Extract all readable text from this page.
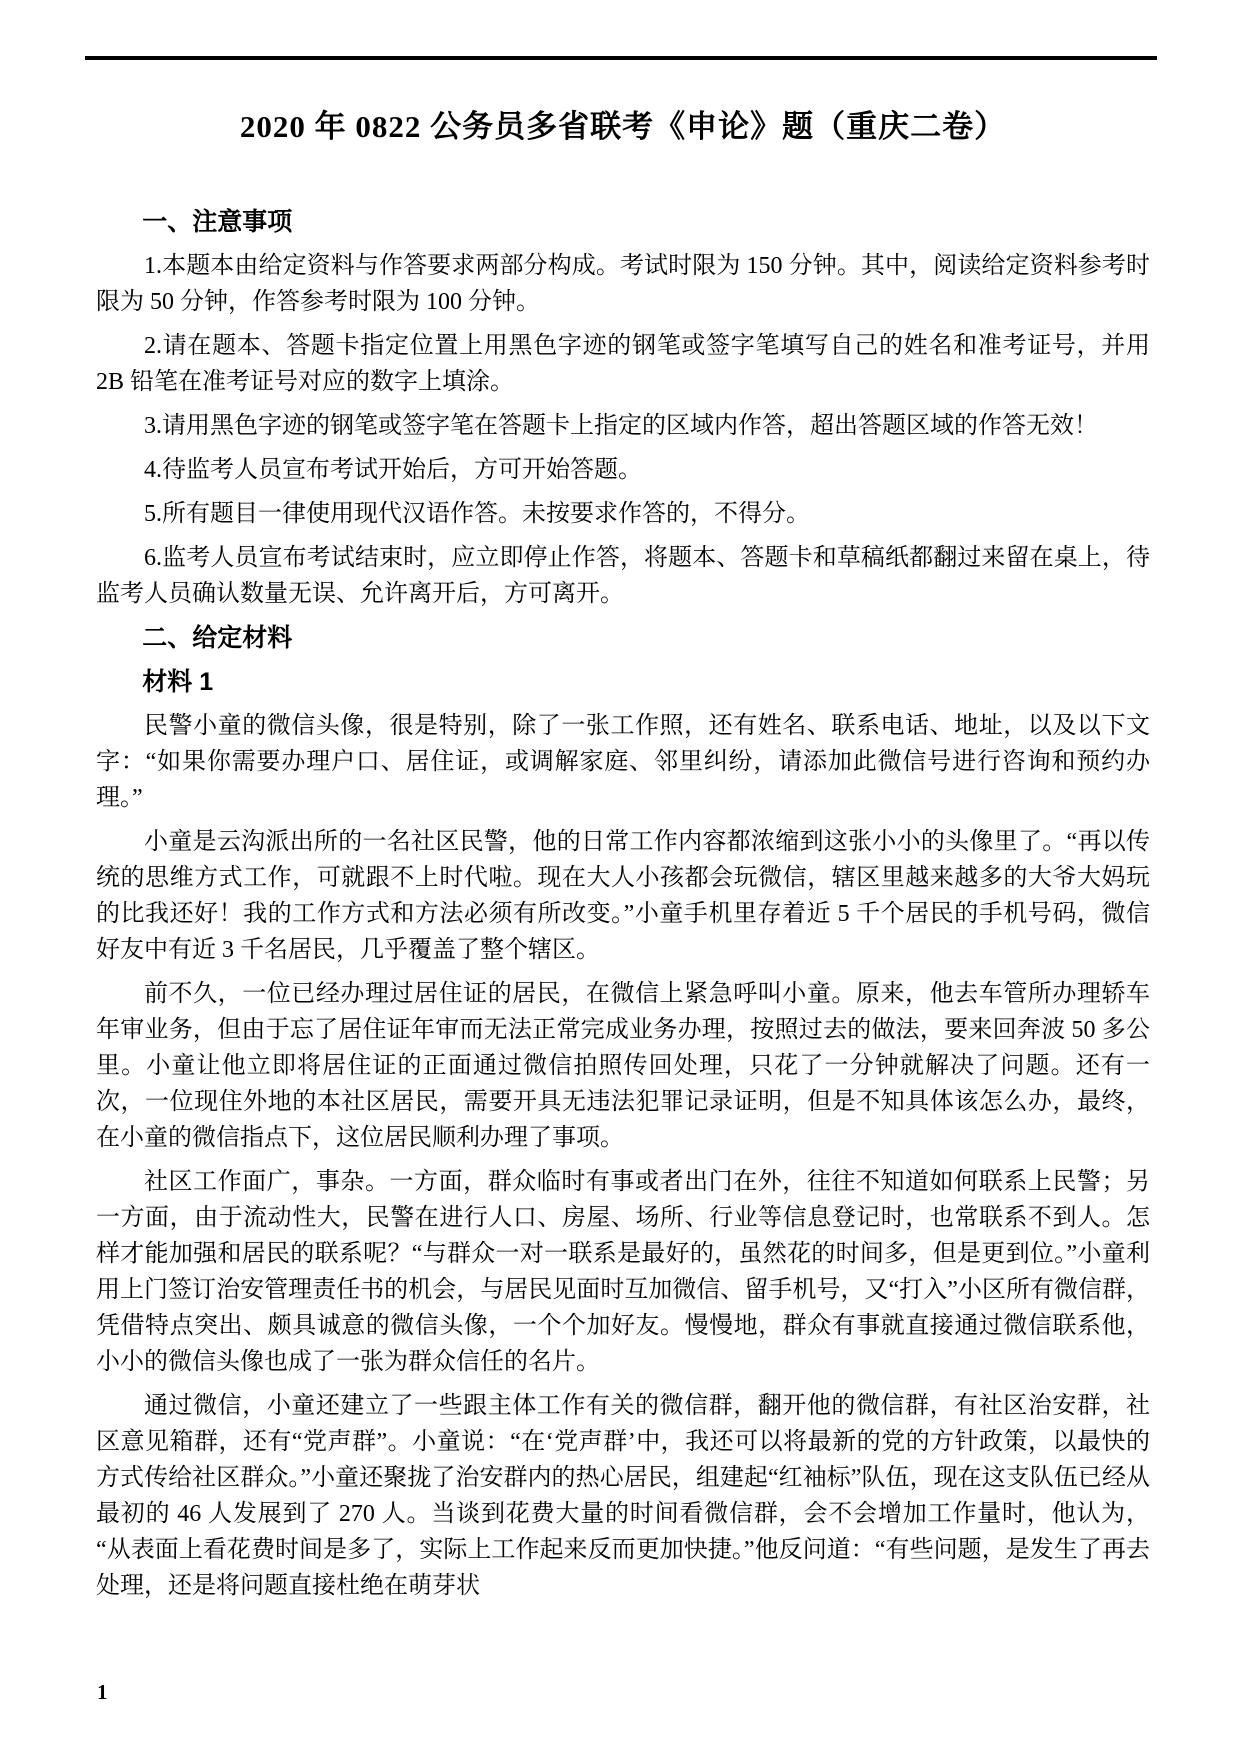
2020 年 0822 公务员多省联考《申论》题（重庆二卷）
一、注意事项

1.本题本由给定资料与作答要求两部分构成。考试时限为 150 分钟。其中，阅读给定资料参考时限为 50 分钟，作答参考时限为 100 分钟。

2.请在题本、答题卡指定位置上用黑色字迹的钢笔或签字笔填写自己的姓名和准考证号，并用 2B 铅笔在准考证号对应的数字上填涂。

3.请用黑色字迹的钢笔或签字笔在答题卡上指定的区域内作答，超出答题区域的作答无效！

4.待监考人员宣布考试开始后，方可开始答题。

5.所有题目一律使用现代汉语作答。未按要求作答的，不得分。

6.监考人员宣布考试结束时，应立即停止作答，将题本、答题卡和草稿纸都翻过来留在桌上，待监考人员确认数量无误、允许离开后，方可离开。

二、给定材料
材料 1

民警小童的微信头像，很是特别，除了一张工作照，还有姓名、联系电话、地址，以及以下文字：“如果你需要办理户口、居住证，或调解家庭、邻里纠纷，请添加此微信号进行咨询和预约办理。”

小童是云沟派出所的一名社区民警，他的日常工作内容都浓缩到这张小小的头像里了。“再以传统的思维方式工作，可就跟不上时代啦。现在大人小孩都会玩微信，辖区里越来越多的大爷大妈玩的比我还好！我的工作方式和方法必须有所改变。”小童手机里存着近 5 千个居民的手机号码，微信好友中有近 3 千名居民，几乎覆盖了整个辖区。

前不久，一位已经办理过居住证的居民，在微信上紧急呼叫小童。原来，他去车管所办理轿车年审业务，但由于忘了居住证年审而无法正常完成业务办理，按照过去的做法，要来回奔波 50 多公里。小童让他立即将居住证的正面通过微信拍照传回处理，只花了一分钟就解决了问题。还有一次，一位现住外地的本社区居民，需要开具无违法犯罪记录证明，但是不知具体该怎么办，最终，在小童的微信指点下，这位居民顺利办理了事项。

社区工作面广，事杂。一方面，群众临时有事或者出门在外，往往不知道如何联系上民警；另一方面，由于流动性大，民警在进行人口、房屋、场所、行业等信息登记时，也常联系不到人。怎样才能加强和居民的联系呢？“与群众一对一联系是最好的，虽然花的时间多，但是更到位。”小童利用上门签订治安管理责任书的机会，与居民见面时互加微信、留手机号，又“打入”小区所有微信群，凭借特点突出、颇具诚意的微信头像，一个个加好友。慢慢地，群众有事就直接通过微信联系他，小小的微信头像也成了一张为群众信任的名片。

通过微信，小童还建立了一些跟主体工作有关的微信群，翻开他的微信群，有社区治安群，社区意见箱群，还有“党声群”。小童说：“在‘党声群’中，我还可以将最新的党的方针政策，以最快的方式传给社区群众。”小童还聚拢了治安群内的热心居民，组建起“红袖标”队伍，现在这支队伍已经从最初的 46 人发展到了 270 人。当谈到花费大量的时间看微信群，会不会增加工作量时，他认为，“从表面上看花费时间是多了，实际上工作起来反而更加快捷。”他反问道：“有些问题，是发生了再去处理，还是将问题直接杜绝在萌芽状

1
